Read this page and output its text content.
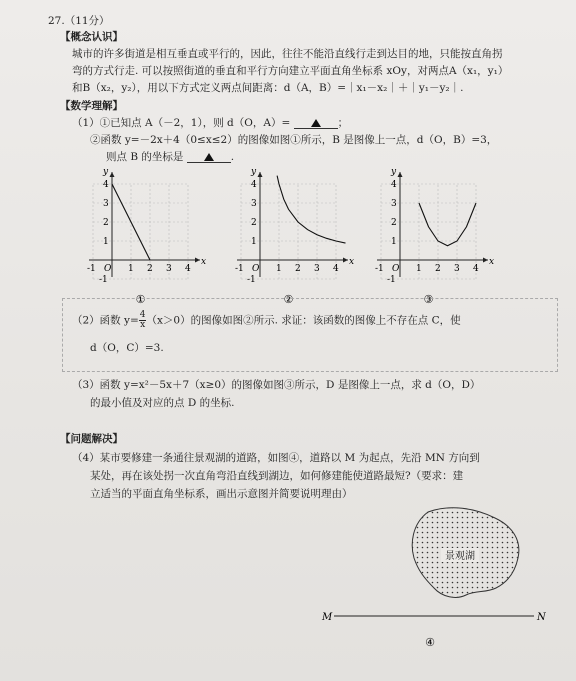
27.（11分）
【概念认识】
城市的许多街道是相互垂直或平行的，因此，往往不能沿直线行走到达目的地，只能按直角拐
弯的方式行走. 可以按照街道的垂直和平行方向建立平面直角坐标系 xOy，对两点A（x₁，y₁）
和B（x₂，y₂），用以下方式定义两点间距离：d（A，B）=｜x₁－x₂｜＋｜y₁－y₂｜.
【数学理解】
（1）①已知点 A（－2，1），则 d（O，A）=	；
②函数 y=－2x＋4（0≤x≤2）的图像如图①所示，B 是图像上一点，d（O，B）=3，
则点 B 的坐标是	.
x
y
-1 O 1 2 3 4
4
3
2
1
-1
①
x
y
-1 O 1 2 3 4
4
3
2
1
-1
②
x
y
-1 O 1 2 3 4
4
3
2
1
-1
③
（2）函数 $y= \frac{4}{x} (x>0)$的图像如图②所示. 求证：该函数的图像上不存在点 C，使
d（O，C）=3.
（3）函数 y=x²－5x＋7（x≥0）的图像如图③所示，D 是图像上一点，求 d（O，D）
的最小值及对应的点 D 的坐标.
【问题解决】
（4）某市要修建一条通往景观湖的道路，如图④，道路以 M 为起点，先沿 MN 方向到
某处，再在该处拐一次直角弯沿直线到湖边，如何修建能使道路最短?（要求：建
立适当的平面直角坐标系，画出示意图并简要说明理由）
景观湖
M	N
④
